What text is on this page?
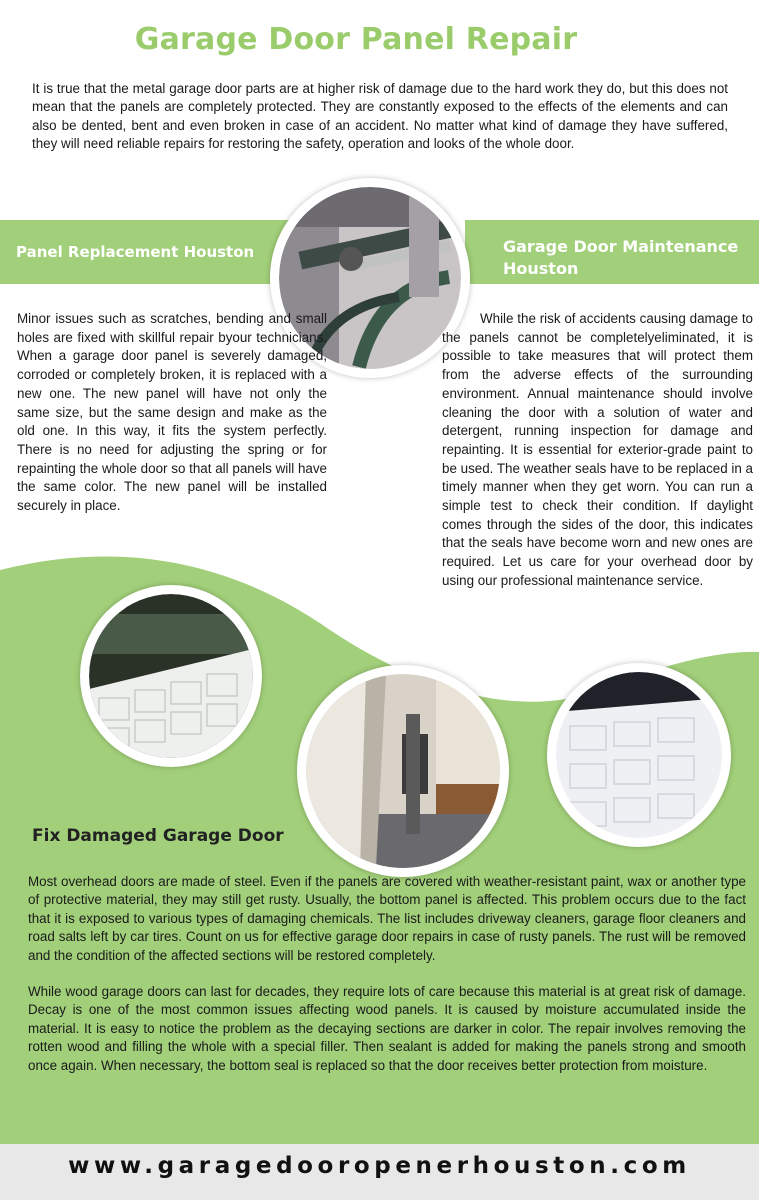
Garage Door Panel Repair

It is true that the metal garage door parts are at higher risk of damage due to the hard work they do, but this does not mean that the panels are completely protected. They are constantly exposed to the effects of the elements and can also be dented, bent and even broken in case of an accident. No matter what kind of damage they have suffered, they will need reliable repairs for restoring the safety, operation and looks of the whole door.

Panel Replacement Houston	Garage Door Maintenance Houston

Minor issues such as scratches, bending and small holes are fixed with skillful repair byour technicians. When a garage door panel is severely damaged, corroded or completely broken, it is replaced with a new one. The new panel will have not only the same size, but the same design and make as the old one. In this way, it fits the system perfectly. There is no need for adjusting the spring or for repainting the whole door so that all panels will have the same color. The new panel will be installed securely in place.

While the risk of accidents causing damage to the panels cannot be completelyeliminated, it is possible to take measures that will protect them from the adverse effects of the surrounding environment. Annual maintenance should involve cleaning the door with a solution of water and detergent, running inspection for damage and repainting. It is essential for exterior-grade paint to be used. The weather seals have to be replaced in a timely manner when they get worn. You can run a simple test to check their condition. If daylight comes through the sides of the door, this indicates that the seals have become worn and new ones are required. Let us care for your overhead door by using our professional maintenance service.

Fix Damaged Garage Door

Most overhead doors are made of steel. Even if the panels are covered with weather-resistant paint, wax or another type of protective material, they may still get rusty. Usually, the bottom panel is affected. This problem occurs due to the fact that it is exposed to various types of damaging chemicals. The list includes driveway cleaners, garage floor cleaners and road salts left by car tires. Count on us for effective garage door repairs in case of rusty panels. The rust will be removed and the condition of the affected sections will be restored completely.

While wood garage doors can last for decades, they require lots of care because this material is at great risk of damage. Decay is one of the most common issues affecting wood panels. It is caused by moisture accumulated inside the material. It is easy to notice the problem as the decaying sections are darker in color. The repair involves removing the rotten wood and filling the whole with a special filler. Then sealant is added for making the panels strong and smooth once again. When necessary, the bottom seal is replaced so that the door receives better protection from moisture.

www.garagedooropenerhouston.com
